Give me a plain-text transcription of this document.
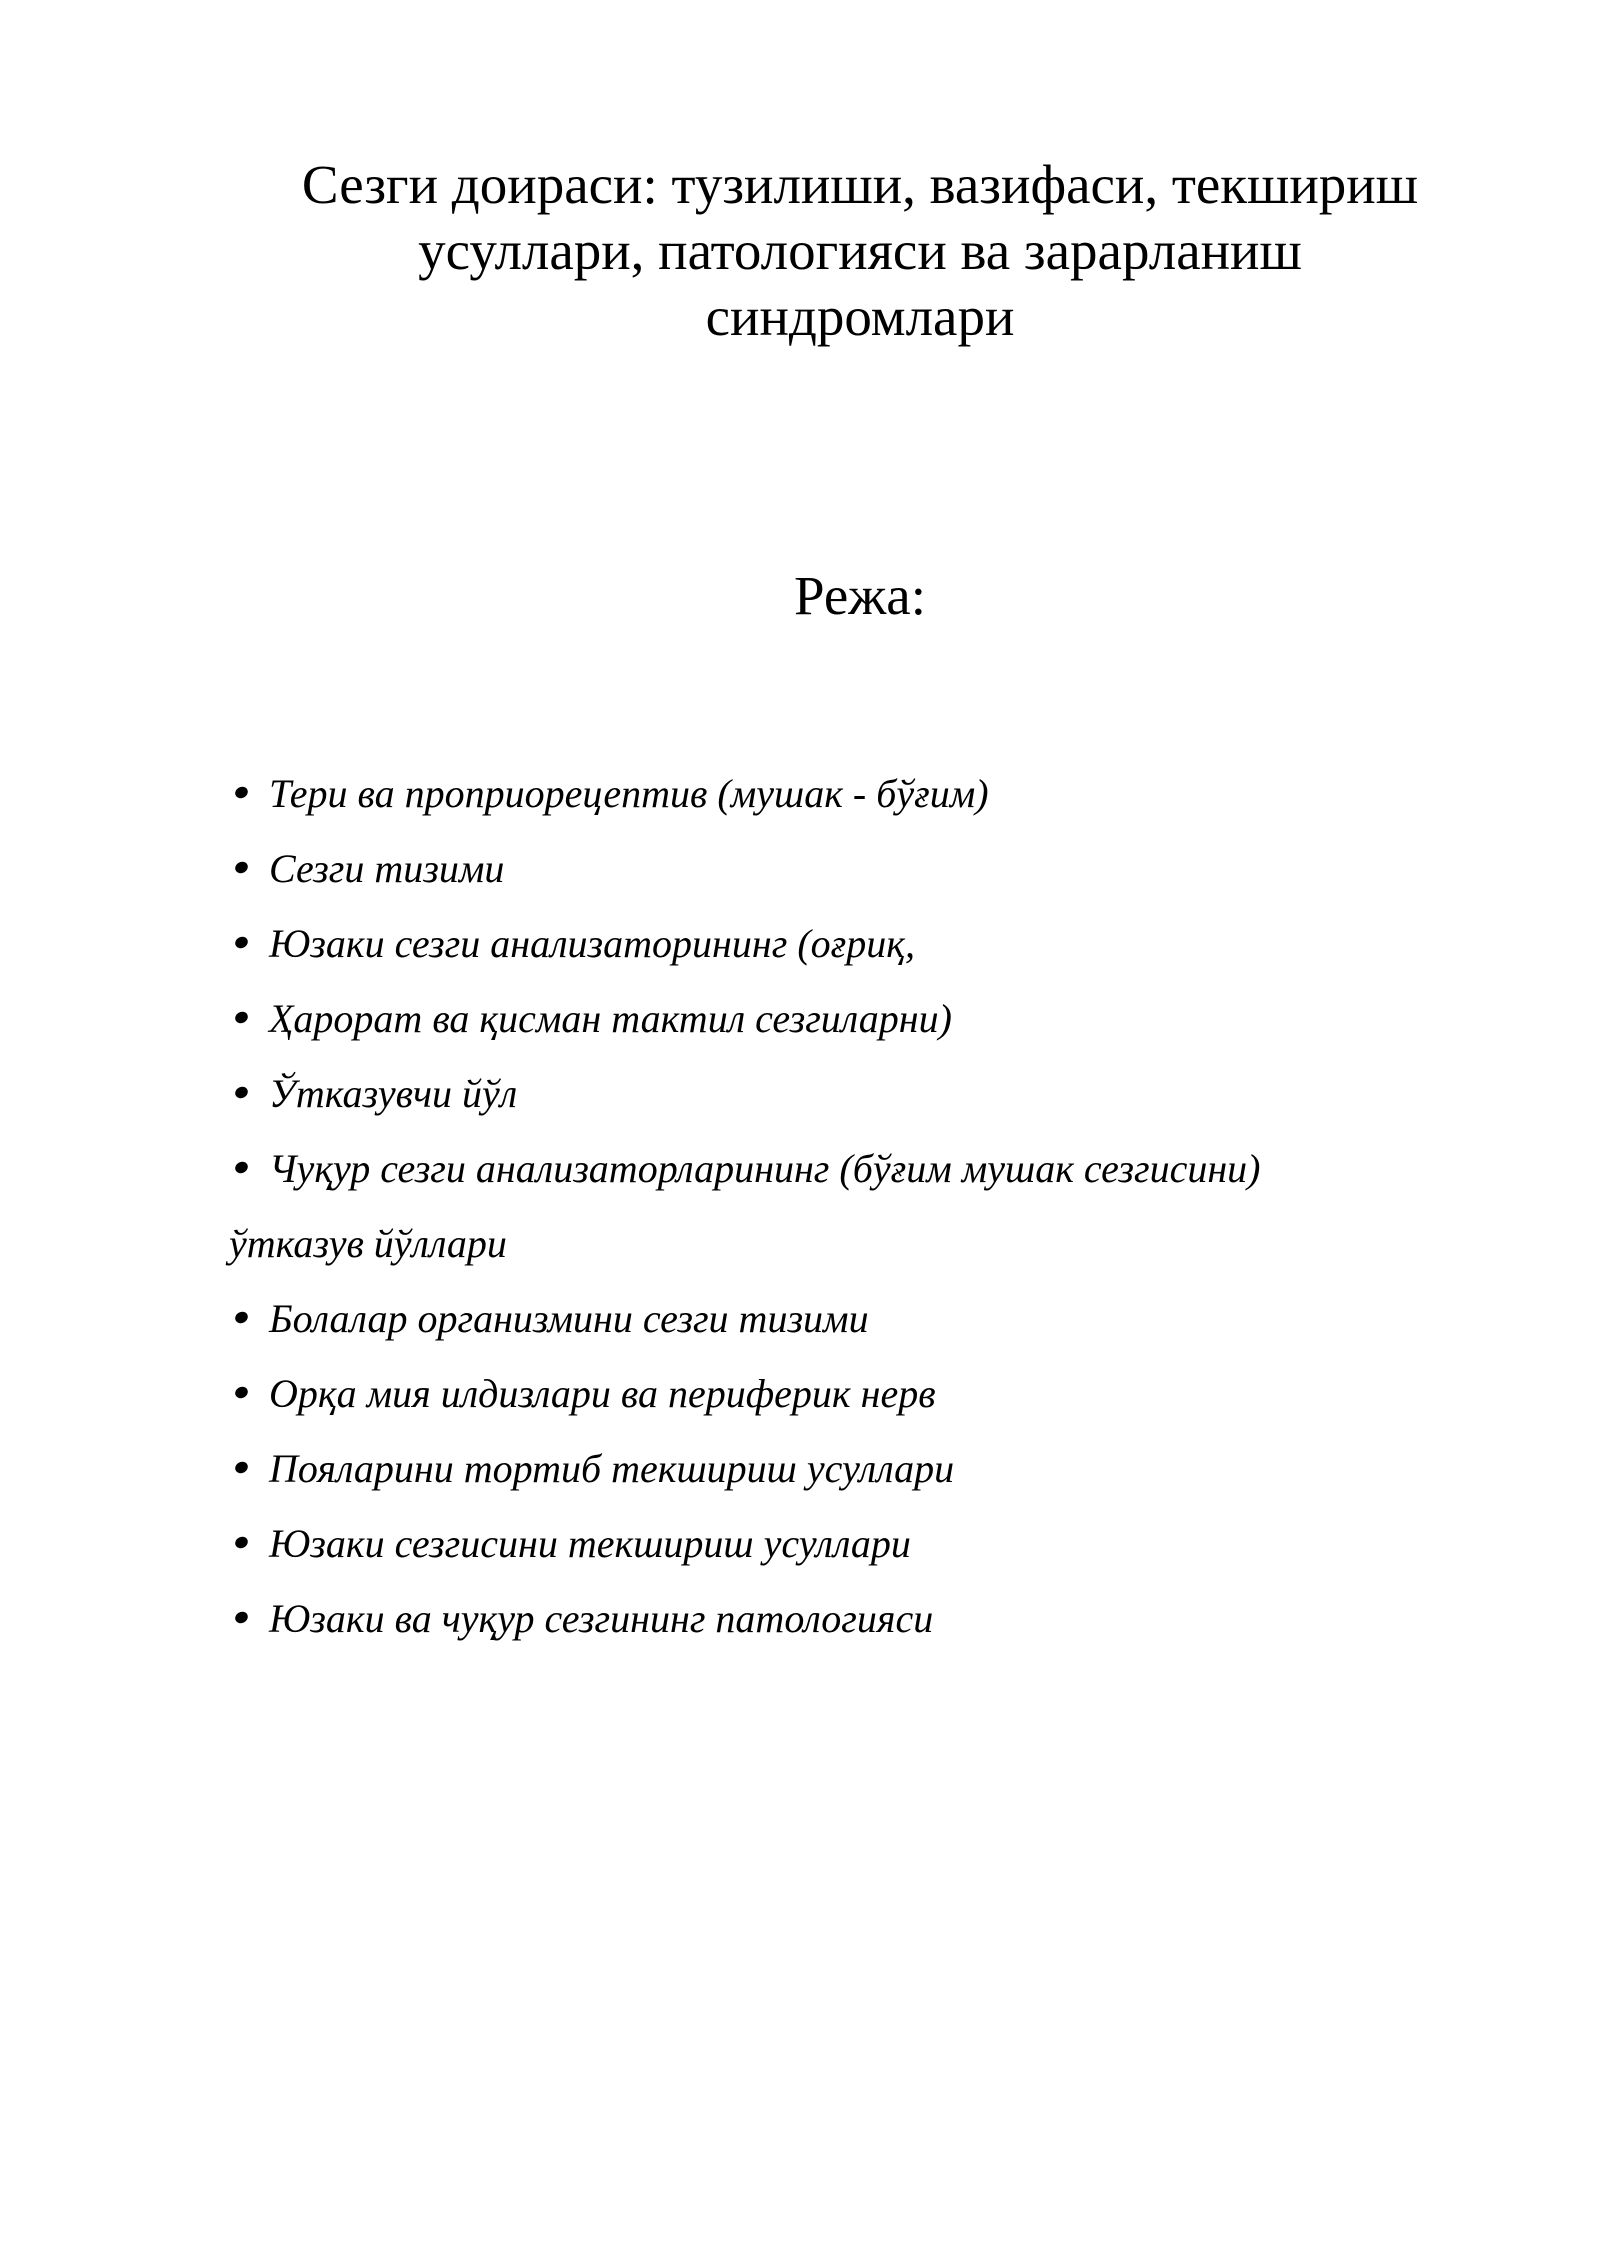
Сезги доираси: тузилиши, вазифаси, текшириш
усуллари, патологияси ва зарарланиш
синдромлари
Режа:
Тери ва проприорецептив (мушак - бўғим)
Сезги тизими
Юзаки сезги анализаторининг (оғриқ,
Ҳарорат ва қисман тактил сезгиларни)
Ўтказувчи йўл
Чуқур сезги анализаторларининг (бўғим мушак сезгисини)
ўтказув йўллари
Болалар организмини сезги тизими
Орқа мия илдизлари ва периферик нерв
Пояларини тортиб текшириш усуллари
Юзаки сезгисини текшириш усуллари
Юзаки ва чуқур сезгининг патологияси
